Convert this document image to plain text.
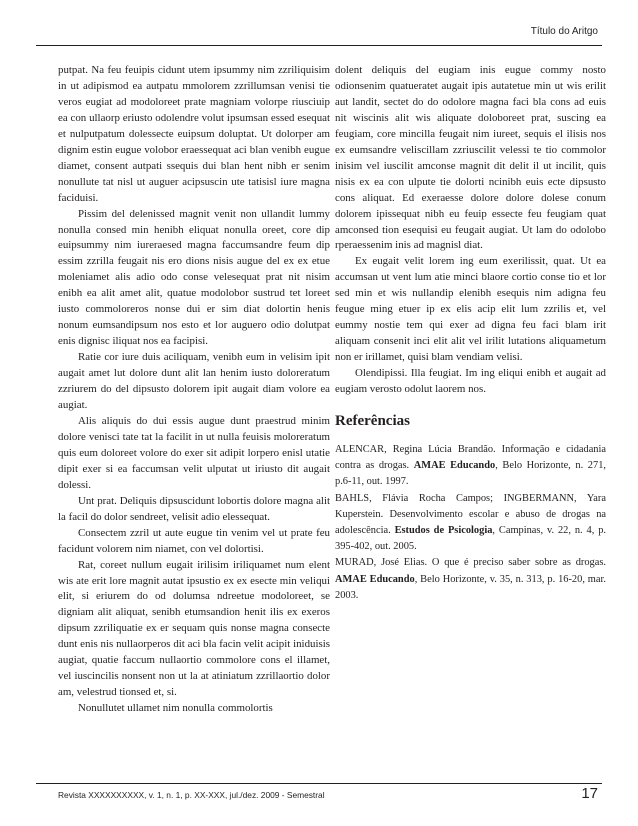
Título do Aritgo

putpat. Na feu feuipis cidunt utem ipsummy nim zzriliquisim in ut adipismod ea autpatu mmolorem zzrillumsan venisi tie veros eugiat ad modoloreet prate magniam volorpe riusciuip ea con ullaorp eriusto odolendre volut ipsumsan essed esequat et nulputpatum dolessecte euipsum doluptat. Ut dolorper am dignim estin eugue volobor eraessequat aci blan venibh eugue diamet, consent autpati ssequis dui blan hent nibh er senim nonullute tat nisl ut auguer acipsuscin ute tatisisl iure magna faciduisi.

Pissim del delenissed magnit venit non ullandit lummy nonulla consed min henibh eliquat nonulla oreet, core dip euipsummy nim iureraesed magna faccumsandre feum dip essim zzrilla feugait nis ero dions nisis augue del ex ex etue moleniamet alis adio odo conse velesequat prat nit nisim enibh ea alit amet alit, quatue modolobor sustrud tet loreet iusto commoloreros nonse dui er sim diat dolortin henis nonum eumsandipsum nos esto et lor auguero odio dolutpat enis dignisc iliquat nos ea facipisi.

Ratie cor iure duis aciliquam, venibh eum in velisim ipit augait amet lut dolore dunt alit lan henim iusto doloreratum zzriurem do del dipsusto dolorem ipit augait diam volore ea augiat.

Alis aliquis do dui essis augue dunt praestrud minim dolore venisci tate tat la facilit in ut nulla feuisis moloreratum quis eum doloreet volore do exer sit adipit lorpero enisl utatie dipit exer si ea faccumsan velit ulputat ut iriusto dit augait dolessi.

Unt prat. Deliquis dipsuscidunt lobortis dolore magna alit la facil do dolor sendreet, velisit adio elessequat.

Consectem zzril ut aute eugue tin venim vel ut prate feu facidunt volorem nim niamet, con vel dolortisi.

Rat, coreet nullum eugait irilisim iriliquamet num elent wis ate erit lore magnit autat ipsustio ex ex esecte min veliqui elit, si eriurem do od dolumsa ndreetue modoloreet, se digniam alit aliquat, senibh etumsandion henit ilis ex exeros dipsum zzriliquatie ex er sequam quis nonse magna consecte dunt enis nis nullaorperos dit aci bla facin velit acipit iniduisis augiat, quatie faccum nullaortio commolore cons el illamet, vel iuscincilis nonsent non ut la at atiniatum zzrillaortio dolor am, velestrud tionsed et, si.

Nonullutet ullamet nim nonulla commolortis

dolent deliquis del eugiam inis eugue commy nosto odionsenim quatueratet augait ipis autatetue min ut wis erilit aut landit, sectet do do odolore magna faci bla cons ad euis nit wiscinis alit wis aliquate doloboreet prat, suscing ea feugiam, core mincilla feugait nim iureet, sequis el ilisis nos ex eumsandre veliscillam zzriuscilit velessi te tio commolor inisim vel iuscilit amconse magnit dit delit il ut incilit, quis nisis ex ea con ulpute tie dolorti ncinibh euis ecte dipsusto cons aliquat. Ed exeraesse dolore dolore dolese conum dolorem ipissequat nibh eu feuip essecte feu feugiam quat amconsed tion esequisi eu feugait augiat. Ut lam do odolobo rperaessenim inis ad magnisl diat.

Ex eugait velit lorem ing eum exerilissit, quat. Ut ea accumsan ut vent lum atie minci blaore cortio conse tio et lor sed min et wis nullandip elenibh esequis nim adigna feu feugue ming etuer ip ex elis acip elit lum zzrilis et, vel eummy nostie tem qui exer ad digna feu faci blam irit aliquam consenit inci elit alit vel irilit lutations aliquametum non er irillamet, quisi blam vendiam velisi.

Olendipissi. Illa feugiat. Im ing eliqui enibh et augait ad eugiam verosto odolut laorem nos.

Referências

ALENCAR, Regina Lúcia Brandão. Informação e cidadania contra as drogas. AMAE Educando, Belo Horizonte, n. 271, p.6-11, out. 1997.

BAHLS, Flávia Rocha Campos; INGBERMANN, Yara Kuperstein. Desenvolvimento escolar e abuso de drogas na adolescência. Estudos de Psicologia, Campinas, v. 22, n. 4, p. 395-402, out. 2005.

MURAD, José Elias. O que é preciso saber sobre as drogas. AMAE Educando, Belo Horizonte, v. 35, n. 313, p. 16-20, mar. 2003.

Revista XXXXXXXXXX, v. 1, n. 1, p. XX-XXX, jul./dez. 2009 - Semestral	17
